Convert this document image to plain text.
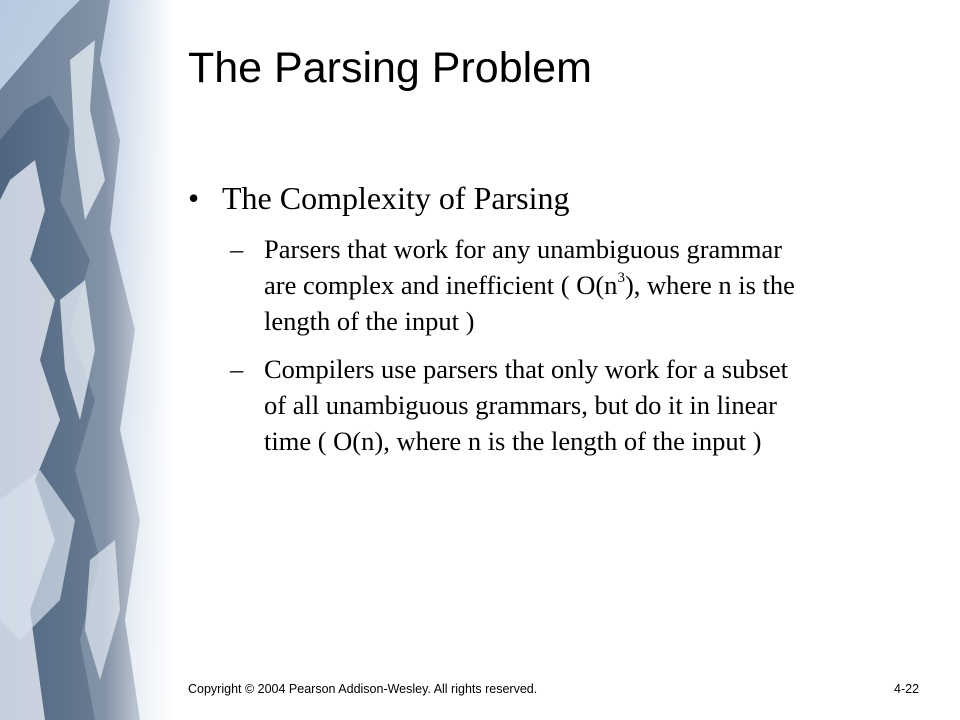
The Parsing Problem
• The Complexity of Parsing
– Parsers that work for any unambiguous grammar
are complex and inefficient ( $O(n^3)$, where n is the
length of the input )
– Compilers use parsers that only work for a subset
of all unambiguous grammars, but do it in linear
time ( O(n), where n is the length of the input )
Copyright © 2004 Pearson Addison-Wesley. All rights reserved.	4-22
